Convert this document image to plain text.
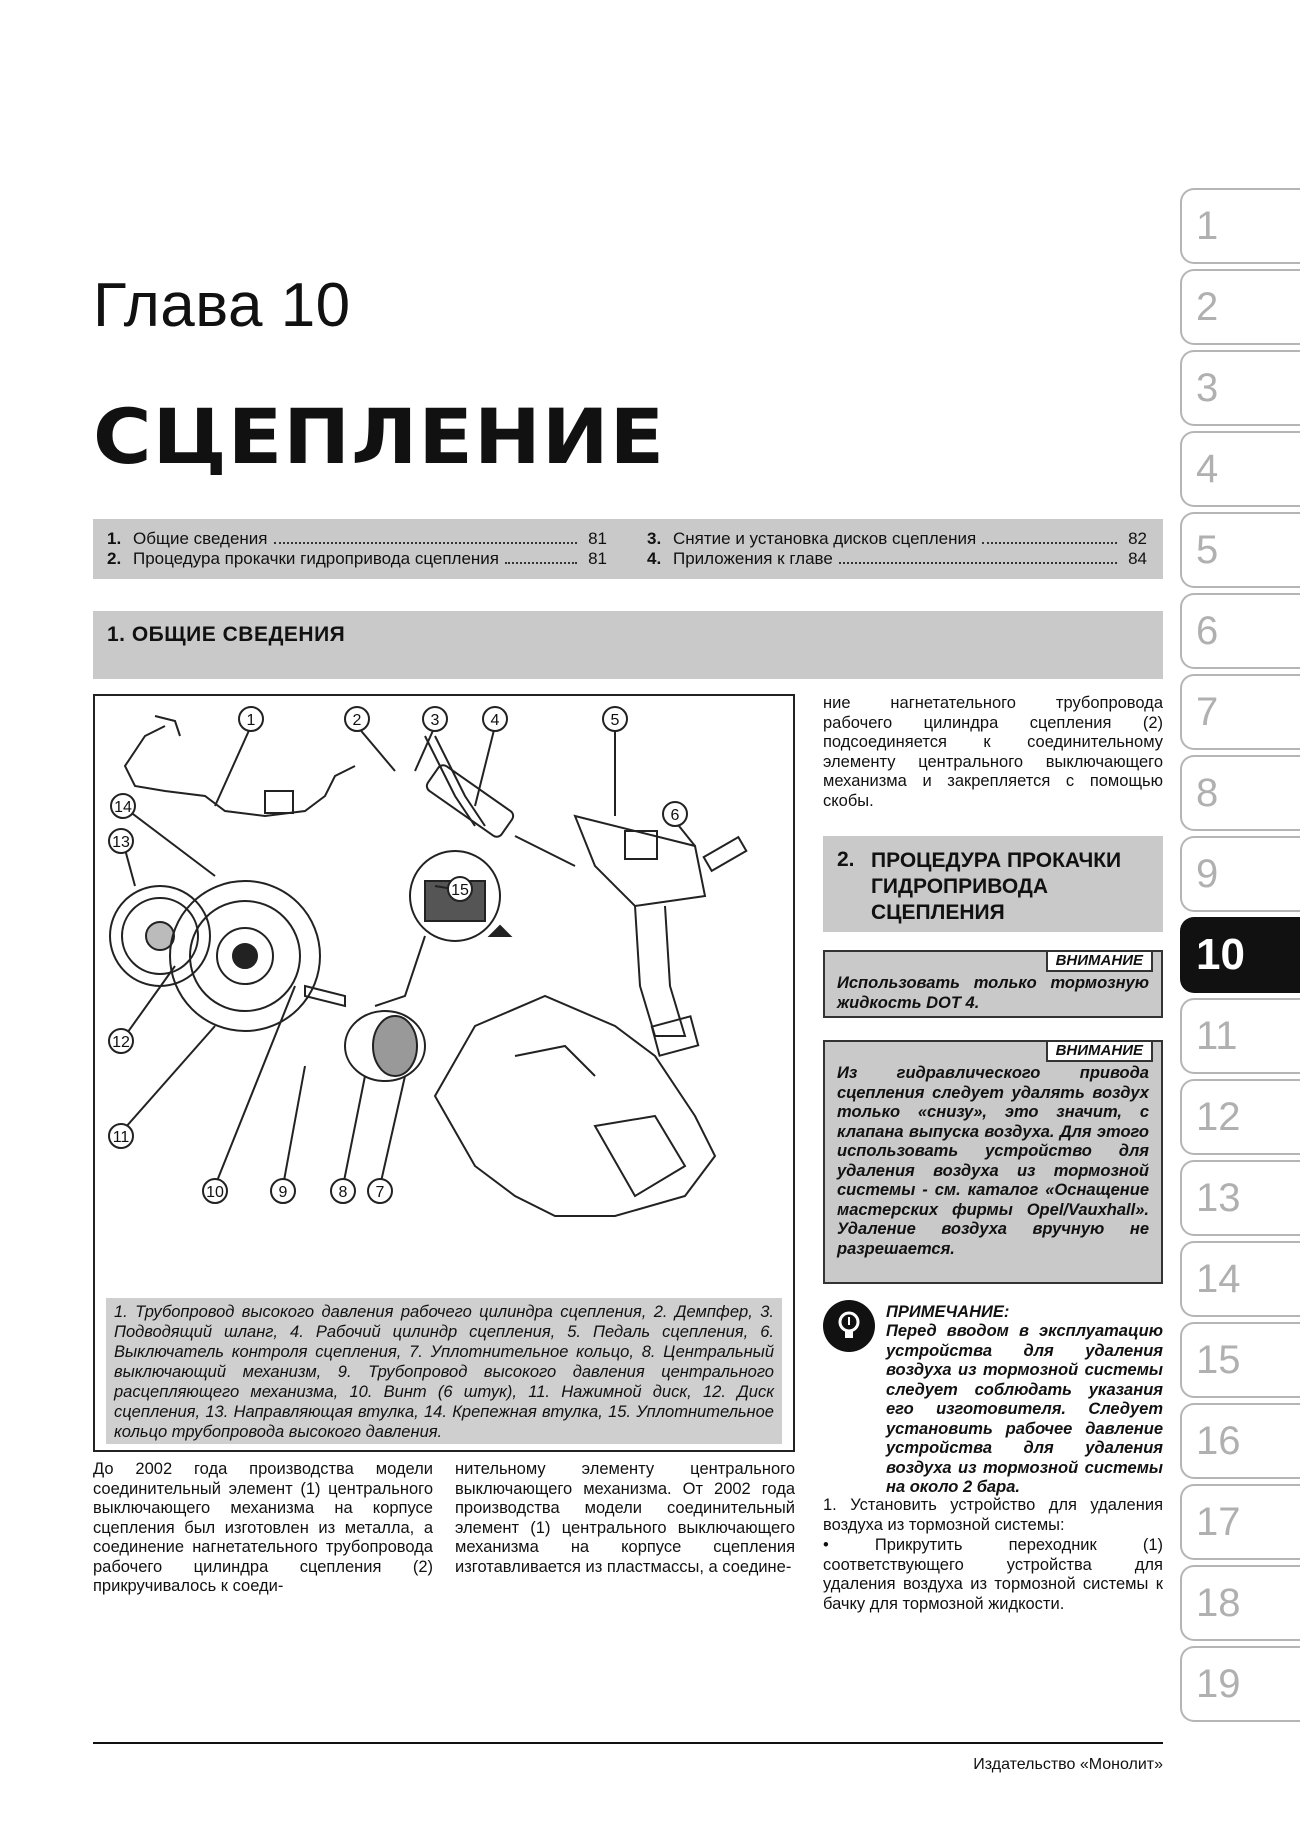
Глава 10
СЦЕПЛЕНИЕ
1. Общие сведения	81
2. Процедура прокачки гидропривода сцепления	81
3. Снятие и установка дисков сцепления	82
4. Приложения к главе	84
1. ОБЩИЕ СВЕДЕНИЯ
1	2	3	4	5
6
7
8
9
10
11
12
13
14
15
1. Трубопровод высокого давления рабочего цилиндра сцепления, 2. Демпфер, 3. Подводящий шланг, 4. Рабочий цилиндр сцепления, 5. Педаль сцепления, 6. Выключатель контроля сцепления, 7. Уплотнительное кольцо, 8. Центральный выключающий механизм, 9. Трубопровод высокого давления центрального расцепляющего механизма, 10. Винт (6 штук), 11. Нажимной диск, 12. Диск сцепления, 13. Направляющая втулка, 14. Крепежная втулка, 15. Уплотнительное кольцо трубопровода высокого давления.
ние нагнетательного трубопровода рабочего цилиндра сцепления (2) подсоединяется к соединительному элементу центрального выключающего механизма и закрепляется с помощью скобы.
До 2002 года производства модели соединительный элемент (1) центрального выключающего механизма на корпусе сцепления был изготовлен из металла, а соединение нагнетательного трубопровода рабочего цилиндра сцепления (2) прикручивалось к соеди-
нительному элементу центрального выключающего механизма. От 2002 года производства модели соединительный элемент (1) центрального выключающего механизма на корпусе сцепления изготавливается из пластмассы, а соедине-
2. ПРОЦЕДУРА ПРОКАЧКИ ГИДРОПРИВОДА СЦЕПЛЕНИЯ
ВНИМАНИЕ
Использовать только тормозную жидкость DOT 4.
ВНИМАНИЕ
Из гидравлического привода сцепления следует удалять воздух только «снизу», это значит, с клапана выпуска воздуха. Для этого использовать устройство для удаления воздуха из тормозной системы - см. каталог «Оснащение мастерских фирмы Opel/Vauxhall». Удаление воздуха вручную не разрешается.
ПРИМЕЧАНИЕ:
Перед вводом в эксплуатацию устройства для удаления воздуха из тормозной системы следует соблюдать указания его изготовителя. Следует установить рабочее давление устройства для удаления воздуха из тормозной системы на около 2 бара.
1. Установить устройство для удаления воздуха из тормозной системы:
• Прикрутить переходник (1) соответствующего устройства для удаления воздуха из тормозной системы к бачку для тормозной жидкости.
1
2
3
4
5
6
7
8
9
10
11
12
13
14
15
16
17
18
19
Издательство «Монолит»
